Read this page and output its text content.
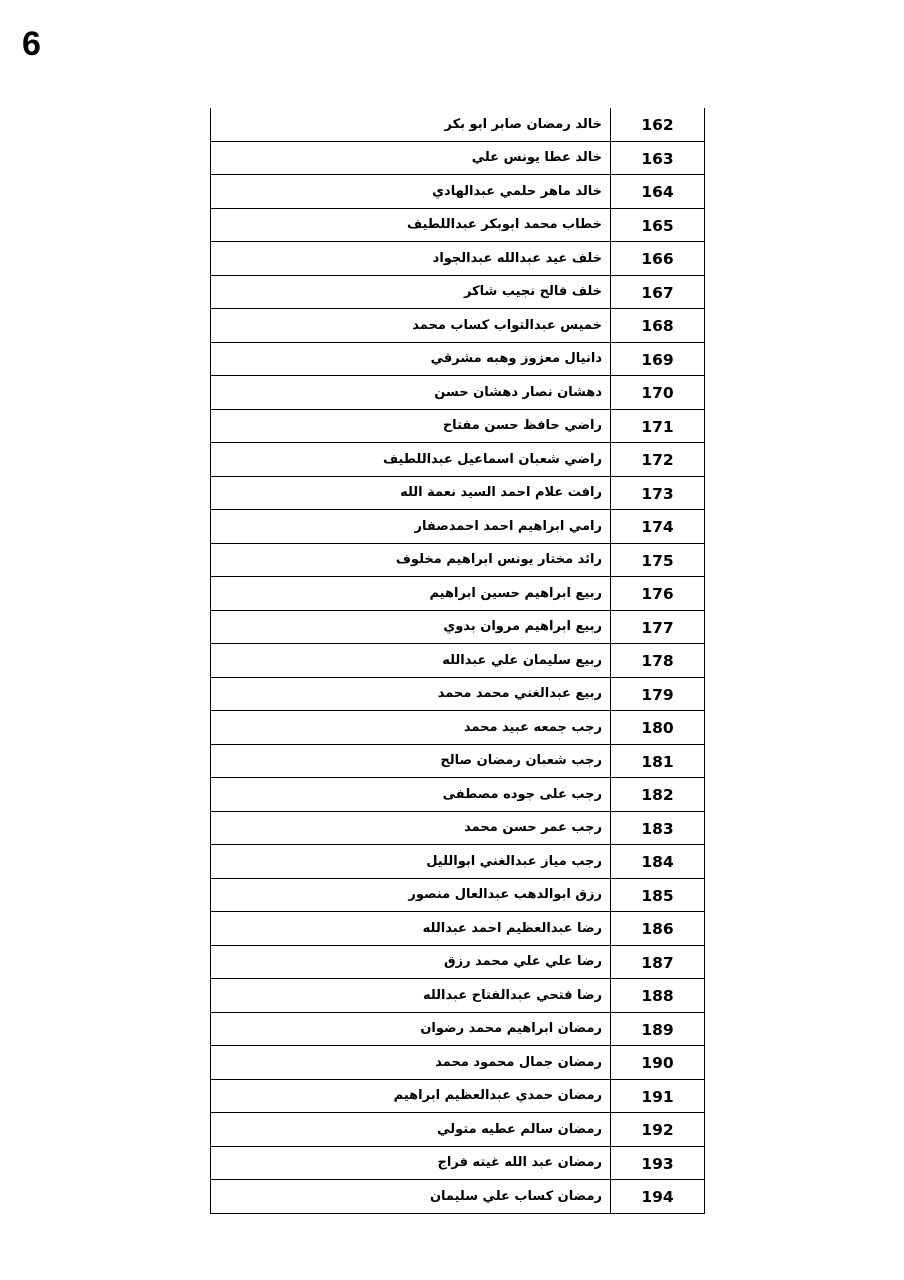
6
خالد رمضان صابر ابو بكر	162
خالد عطا يونس علي	163
خالد ماهر حلمي عبدالهادي	164
خطاب محمد ابوبكر عبداللطيف	165
خلف عيد عبدالله عبدالجواد	166
خلف فالح نجيب شاكر	167
خميس عبدالتواب كساب محمد	168
دانيال معزوز وهبه مشرقي	169
دهشان نصار دهشان حسن	170
راضي حافظ حسن مفتاح	171
راضي شعبان اسماعيل عبداللطيف	172
رافت علام احمد السيد نعمة الله	173
رامي ابراهيم احمد احمدصفار	174
رائد مختار يونس ابراهيم مخلوف	175
ربيع ابراهيم حسين ابراهيم	176
ربيع ابراهيم مروان بدوي	177
ربيع سليمان علي عبدالله	178
ربيع عبدالغني محمد محمد	179
رجب جمعه عبيد محمد	180
رجب شعبان رمضان صالح	181
رجب على جوده مصطفى	182
رجب عمر حسن محمد	183
رجب مياز عبدالغني ابوالليل	184
رزق ابوالدهب عبدالعال منصور	185
رضا عبدالعظيم احمد عبدالله	186
رضا علي علي محمد رزق	187
رضا فتحي عبدالفتاح عبدالله	188
رمضان ابراهيم محمد رضوان	189
رمضان جمال محمود محمد	190
رمضان حمدي عبدالعظيم ابراهيم	191
رمضان سالم عطيه متولي	192
رمضان عبد الله غيته فراج	193
رمضان كساب علي سليمان	194
